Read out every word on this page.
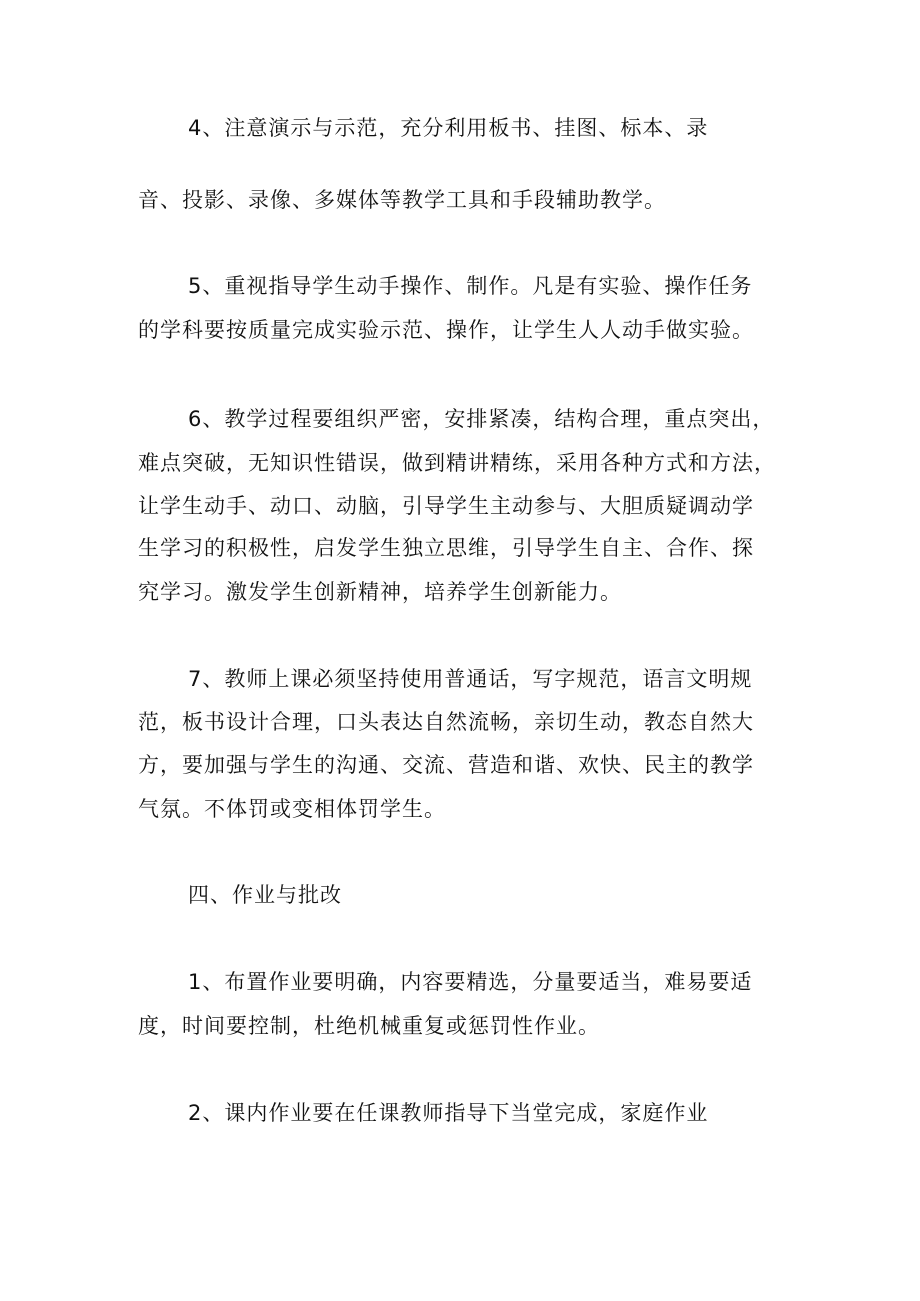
4、注意演示与示范，充分利用板书、挂图、标本、录

音、投影、录像、多媒体等教学工具和手段辅助教学。

5、重视指导学生动手操作、制作。凡是有实验、操作任务

的学科要按质量完成实验示范、操作，让学生人人动手做实验。

6、教学过程要组织严密，安排紧凑，结构合理，重点突出，

难点突破，无知识性错误，做到精讲精练，采用各种方式和方法，

让学生动手、动口、动脑，引导学生主动参与、大胆质疑调动学

生学习的积极性，启发学生独立思维，引导学生自主、合作、探

究学习。激发学生创新精神，培养学生创新能力。

7、教师上课必须坚持使用普通话，写字规范，语言文明规

范，板书设计合理，口头表达自然流畅，亲切生动，教态自然大

方，要加强与学生的沟通、交流、营造和谐、欢快、民主的教学

气氛。不体罚或变相体罚学生。

四、作业与批改

1、布置作业要明确，内容要精选，分量要适当，难易要适

度，时间要控制，杜绝机械重复或惩罚性作业。

2、课内作业要在任课教师指导下当堂完成，家庭作业
